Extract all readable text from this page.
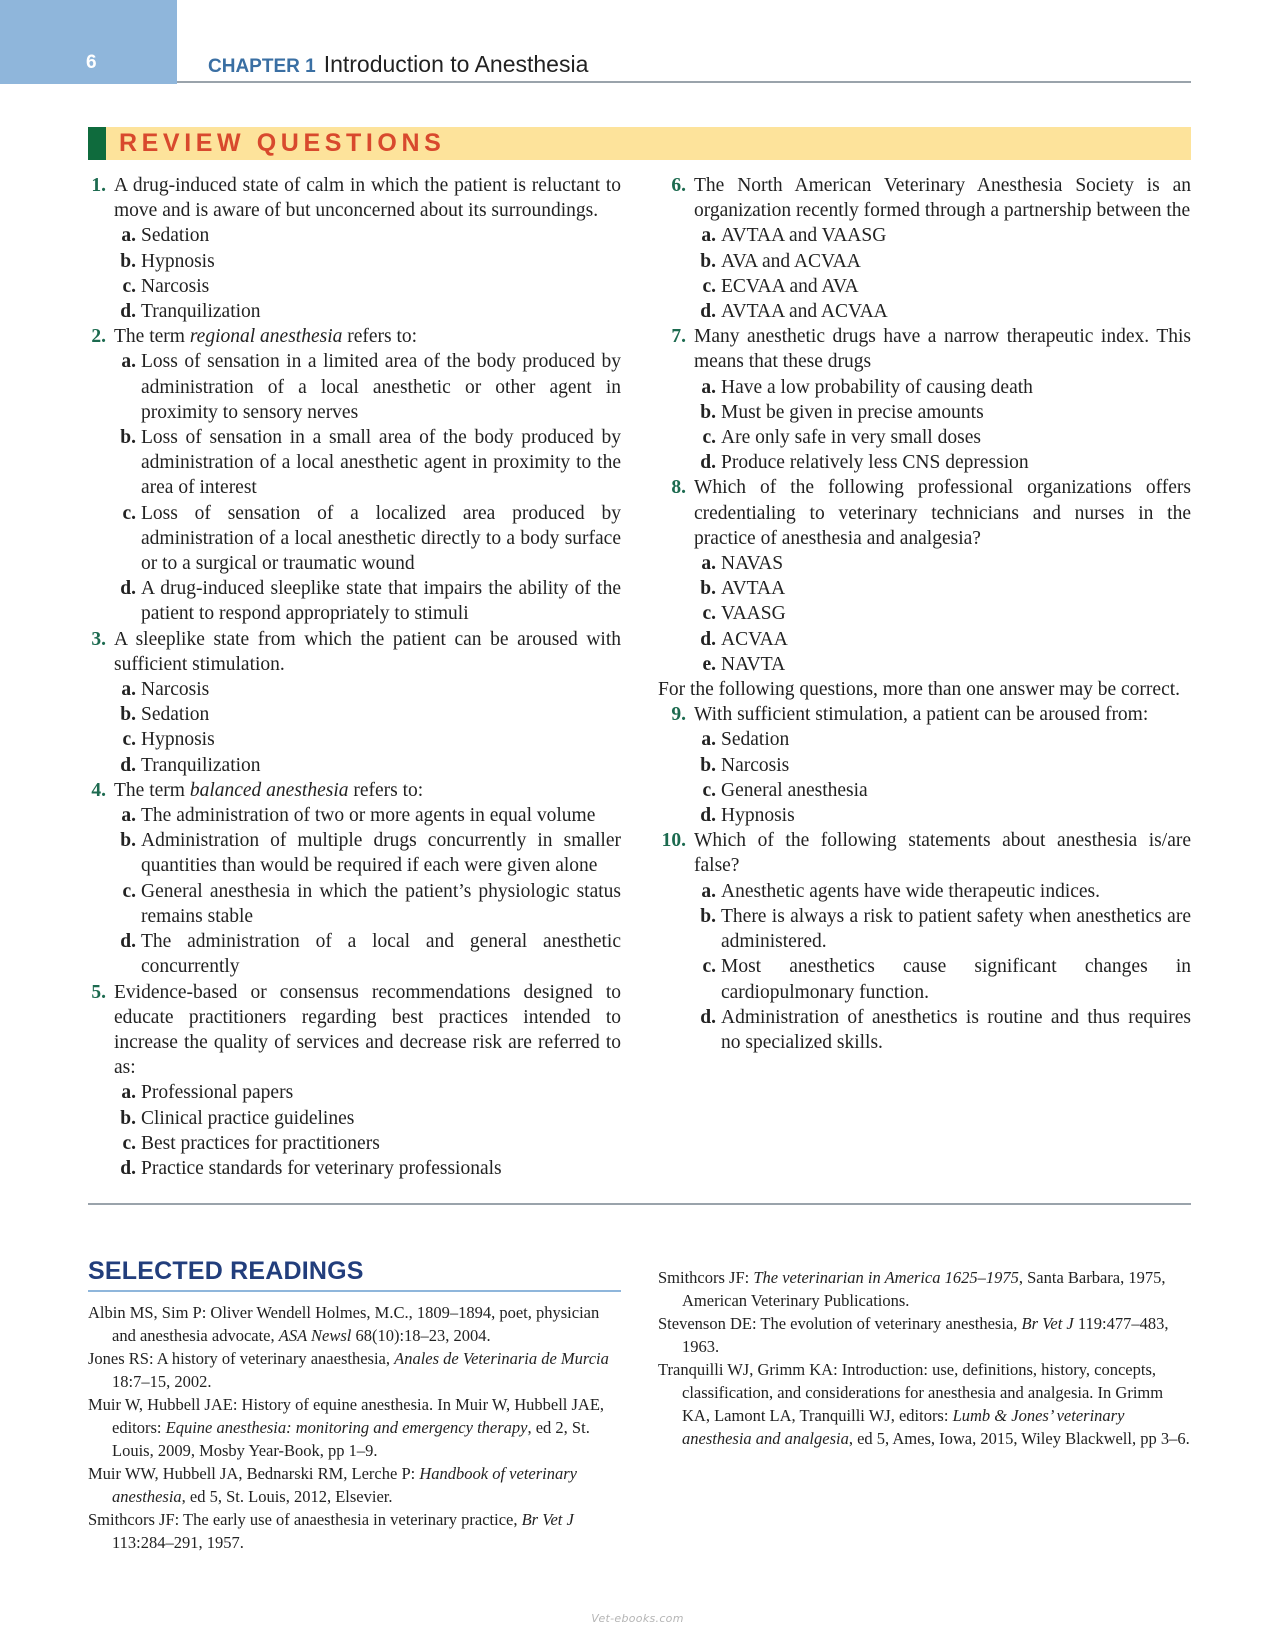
6	CHAPTER 1 Introduction to Anesthesia
REVIEW QUESTIONS
1. A drug-induced state of calm in which the patient is reluctant to move and is aware of but unconcerned about its surroundings.
a. Sedation
b. Hypnosis
c. Narcosis
d. Tranquilization
2. The term regional anesthesia refers to:
a. Loss of sensation in a limited area of the body produced by administration of a local anesthetic or other agent in proximity to sensory nerves
b. Loss of sensation in a small area of the body produced by administration of a local anesthetic agent in proximity to the area of interest
c. Loss of sensation of a localized area produced by administration of a local anesthetic directly to a body surface or to a surgical or traumatic wound
d. A drug-induced sleeplike state that impairs the ability of the patient to respond appropriately to stimuli
3. A sleeplike state from which the patient can be aroused with sufficient stimulation.
a. Narcosis
b. Sedation
c. Hypnosis
d. Tranquilization
4. The term balanced anesthesia refers to:
a. The administration of two or more agents in equal volume
b. Administration of multiple drugs concurrently in smaller quantities than would be required if each were given alone
c. General anesthesia in which the patient’s physiologic status remains stable
d. The administration of a local and general anesthetic concurrently
5. Evidence-based or consensus recommendations designed to educate practitioners regarding best practices intended to increase the quality of services and decrease risk are referred to as:
a. Professional papers
b. Clinical practice guidelines
c. Best practices for practitioners
d. Practice standards for veterinary professionals
6. The North American Veterinary Anesthesia Society is an organization recently formed through a partnership between the
a. AVTAA and VAASG
b. AVA and ACVAA
c. ECVAA and AVA
d. AVTAA and ACVAA
7. Many anesthetic drugs have a narrow therapeutic index. This means that these drugs
a. Have a low probability of causing death
b. Must be given in precise amounts
c. Are only safe in very small doses
d. Produce relatively less CNS depression
8. Which of the following professional organizations offers credentialing to veterinary technicians and nurses in the practice of anesthesia and analgesia?
a. NAVAS
b. AVTAA
c. VAASG
d. ACVAA
e. NAVTA
For the following questions, more than one answer may be correct.
9. With sufficient stimulation, a patient can be aroused from:
a. Sedation
b. Narcosis
c. General anesthesia
d. Hypnosis
10. Which of the following statements about anesthesia is/are false?
a. Anesthetic agents have wide therapeutic indices.
b. There is always a risk to patient safety when anesthetics are administered.
c. Most anesthetics cause significant changes in cardiopulmonary function.
d. Administration of anesthetics is routine and thus requires no specialized skills.
SELECTED READINGS
Albin MS, Sim P: Oliver Wendell Holmes, M.C., 1809–1894, poet, physician and anesthesia advocate, ASA Newsl 68(10):18–23, 2004.
Jones RS: A history of veterinary anaesthesia, Anales de Veterinaria de Murcia 18:7–15, 2002.
Muir W, Hubbell JAE: History of equine anesthesia. In Muir W, Hubbell JAE, editors: Equine anesthesia: monitoring and emergency therapy, ed 2, St. Louis, 2009, Mosby Year-Book, pp 1–9.
Muir WW, Hubbell JA, Bednarski RM, Lerche P: Handbook of veterinary anesthesia, ed 5, St. Louis, 2012, Elsevier.
Smithcors JF: The early use of anaesthesia in veterinary practice, Br Vet J 113:284–291, 1957.
Smithcors JF: The veterinarian in America 1625–1975, Santa Barbara, 1975, American Veterinary Publications.
Stevenson DE: The evolution of veterinary anesthesia, Br Vet J 119:477–483, 1963.
Tranquilli WJ, Grimm KA: Introduction: use, definitions, history, concepts, classification, and considerations for anesthesia and analgesia. In Grimm KA, Lamont LA, Tranquilli WJ, editors: Lumb & Jones’ veterinary anesthesia and analgesia, ed 5, Ames, Iowa, 2015, Wiley Blackwell, pp 3–6.
Vet-ebooks.com
